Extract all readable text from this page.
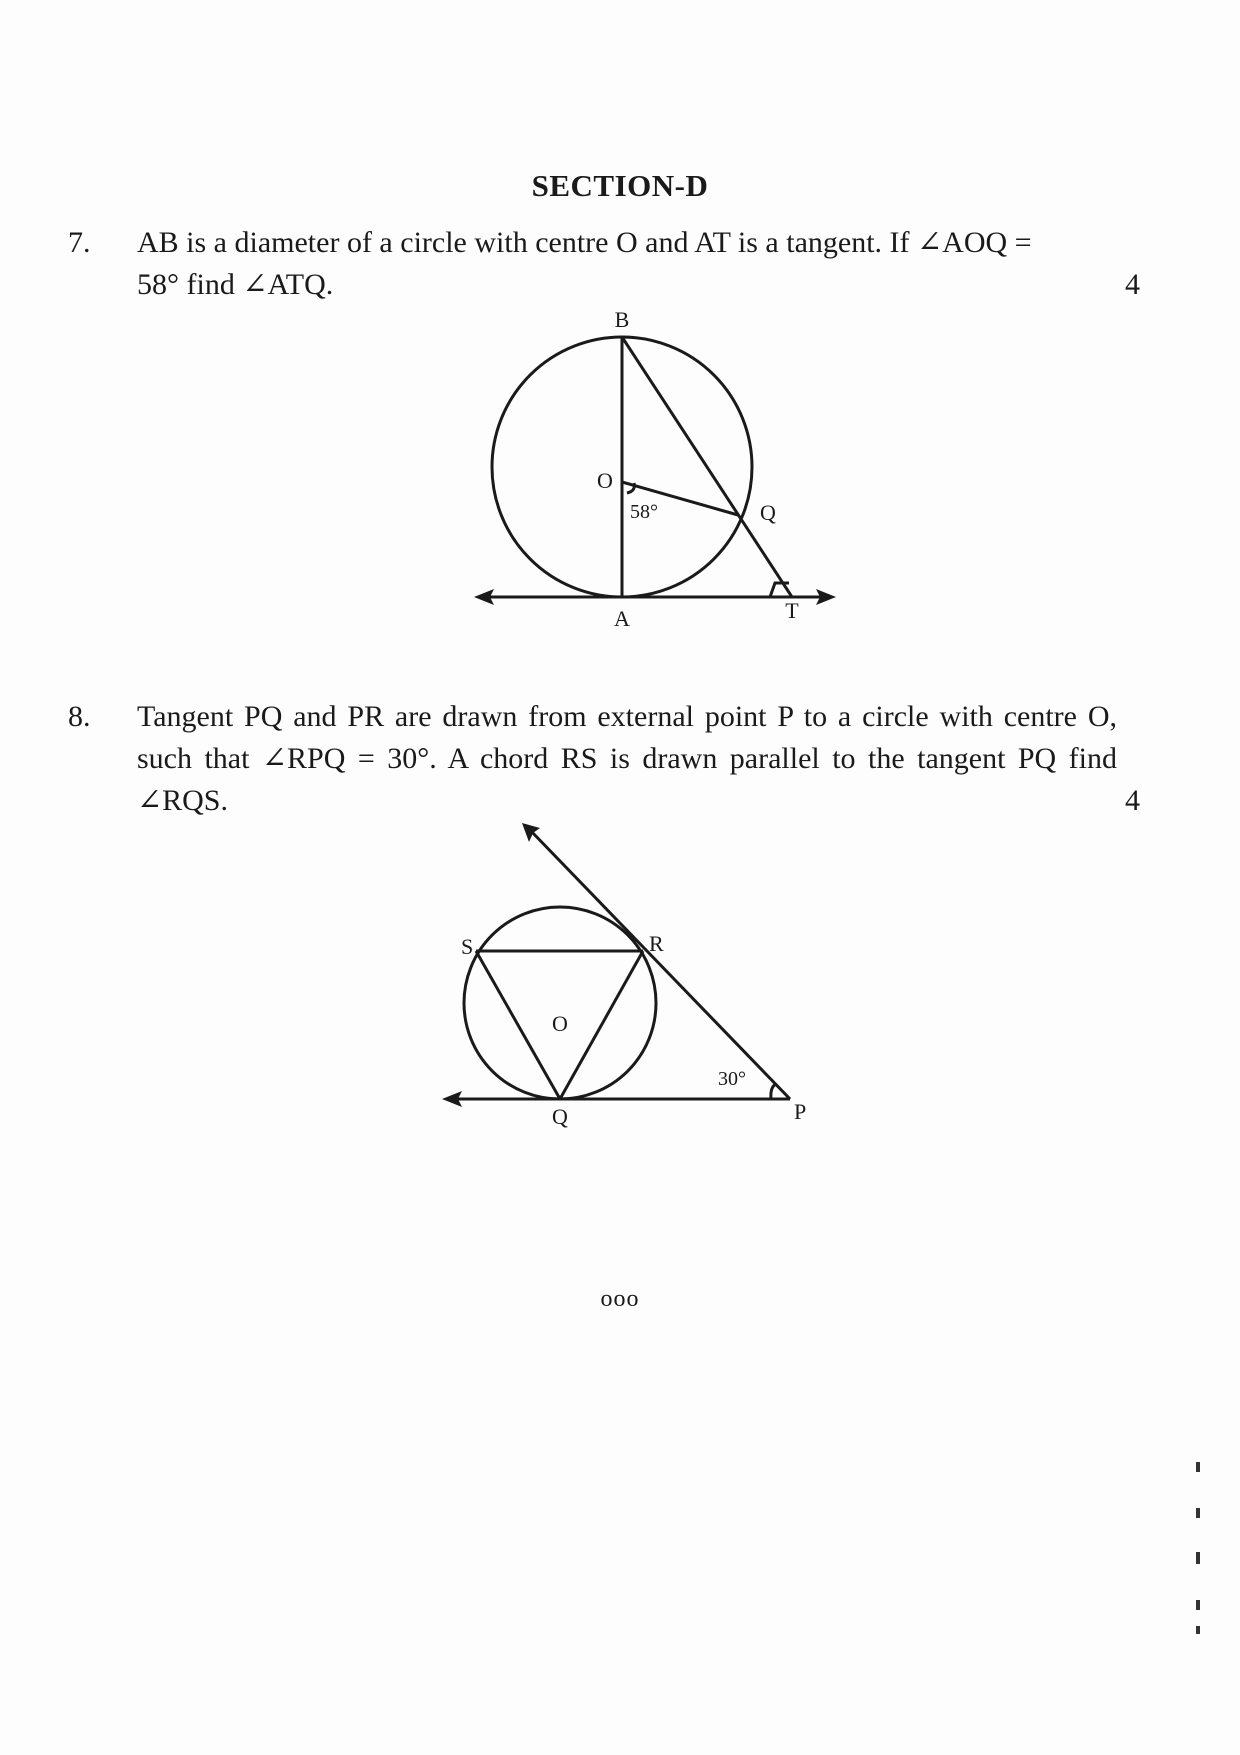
SECTION-D
7. AB is a diameter of a circle with centre O and AT is a tangent. If ∠AOQ = 58° find ∠ATQ.	4
B
O
58°	Q
A	T
8. Tangent PQ and PR are drawn from external point P to a circle with centre O, such that ∠RPQ = 30°. A chord RS is drawn parallel to the tangent PQ find ∠RQS.	4
S	R
O
30°
Q	P
ooo
